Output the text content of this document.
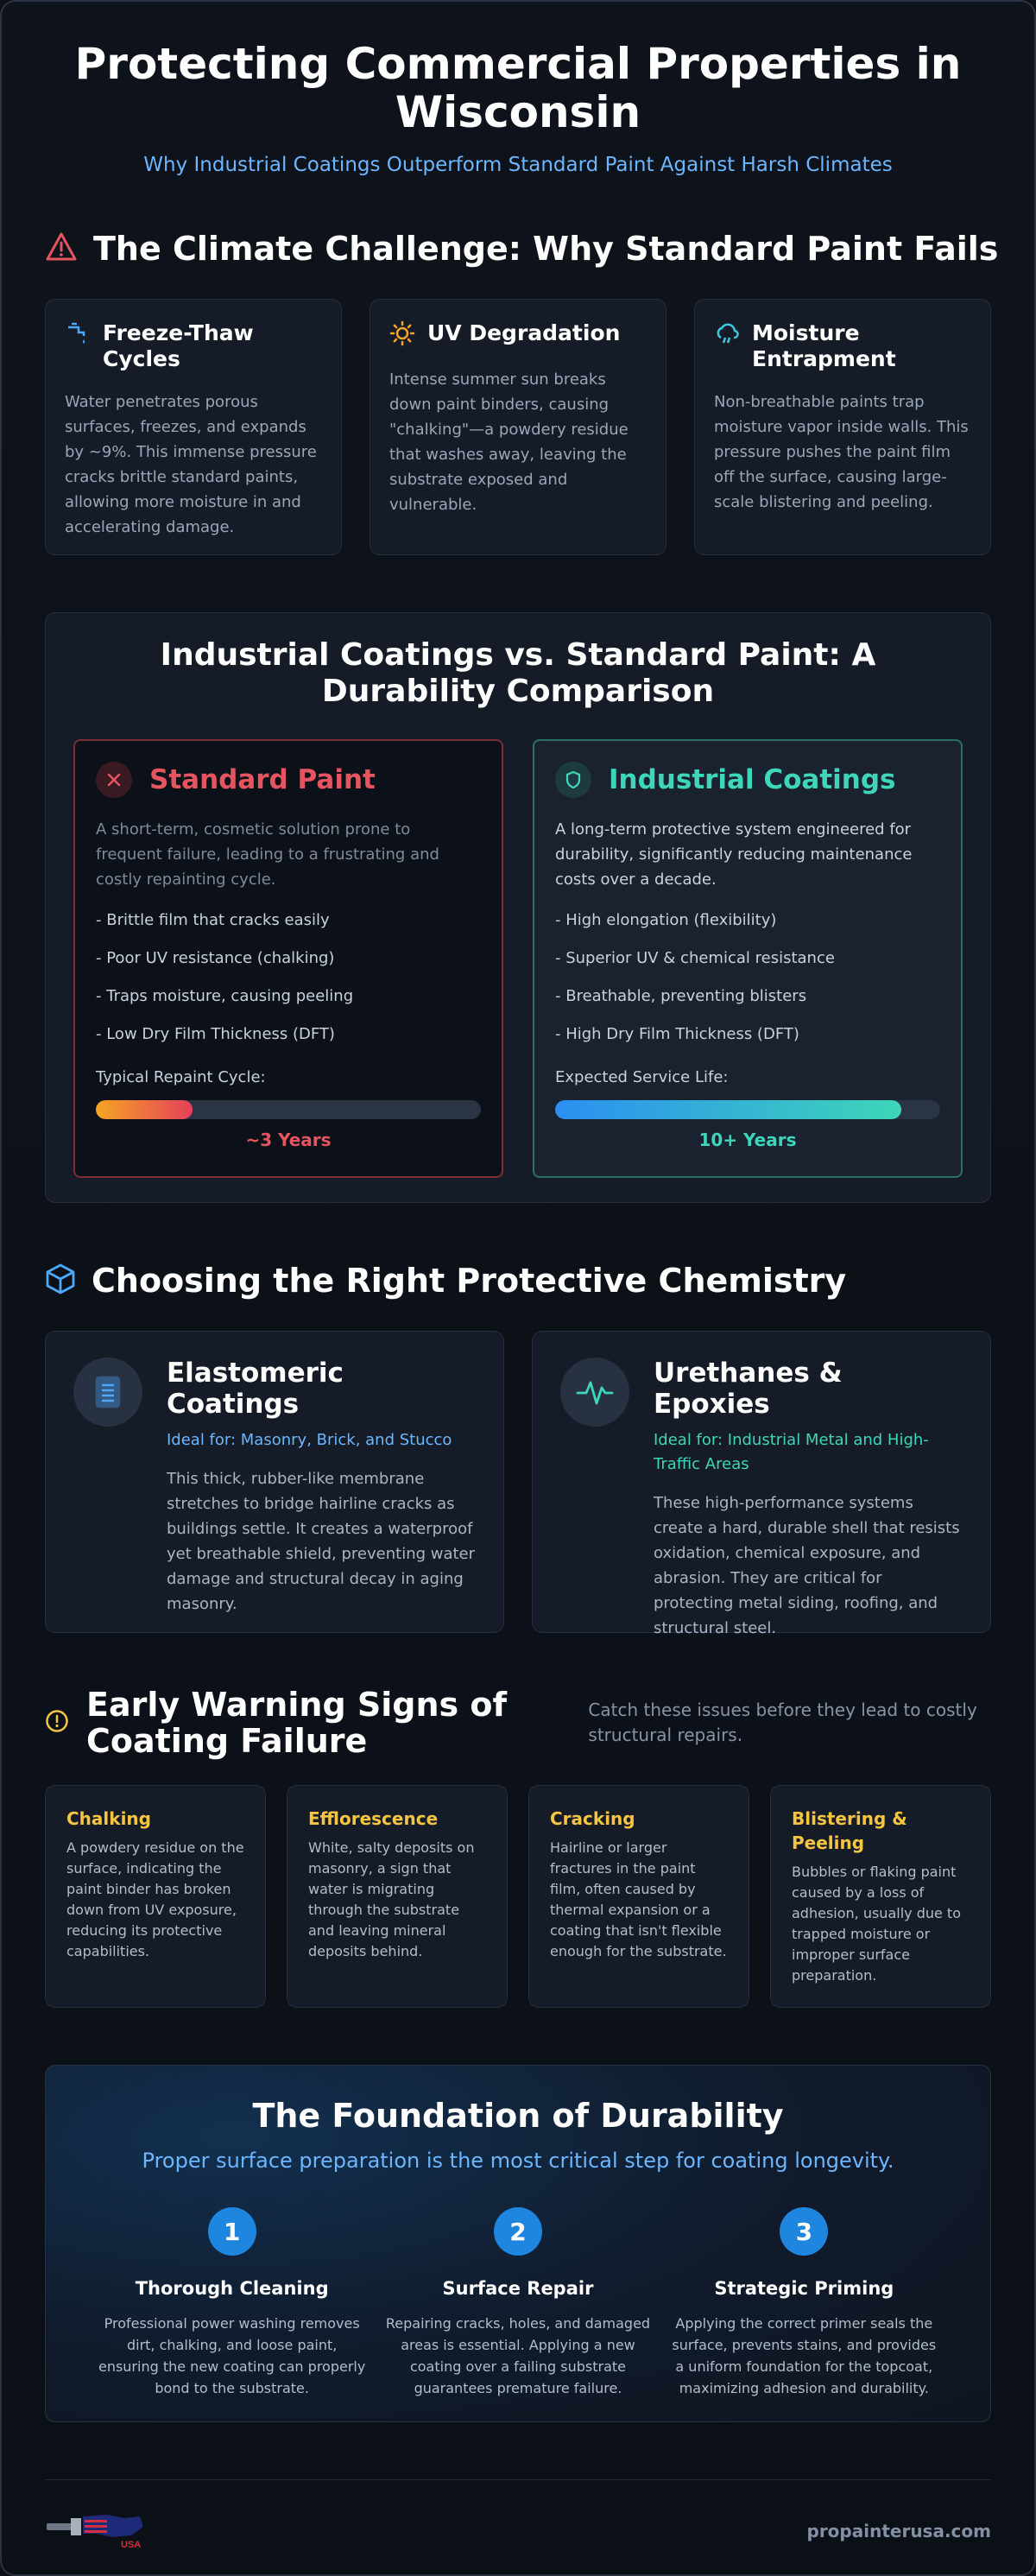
Protecting Commercial Properties in Wisconsin
Why Industrial Coatings Outperform Standard Paint Against Harsh Climates
The Climate Challenge: Why Standard Paint Fails
Freeze-Thaw Cycles

Water penetrates porous surfaces, freezes, and expands by ~9%. This immense pressure cracks brittle standard paints, allowing more moisture in and accelerating damage.

UV Degradation

Intense summer sun breaks down paint binders, causing "chalking"—a powdery residue that washes away, leaving the substrate exposed and vulnerable.

Moisture Entrapment

Non-breathable paints trap moisture vapor inside walls. This pressure pushes the paint film off the surface, causing large-scale blistering and peeling.

Industrial Coatings vs. Standard Paint: A Durability Comparison
Standard Paint

A short-term, cosmetic solution prone to frequent failure, leading to a frustrating and costly repainting cycle.

- Brittle film that cracks easily
- Poor UV resistance (chalking)
- Traps moisture, causing peeling
- Low Dry Film Thickness (DFT)
Typical Repaint Cycle:
~3 Years
Industrial Coatings

A long-term protective system engineered for durability, significantly reducing maintenance costs over a decade.

- High elongation (flexibility)
- Superior UV & chemical resistance
- Breathable, preventing blisters
- High Dry Film Thickness (DFT)
Expected Service Life:
10+ Years
Choosing the Right Protective Chemistry
Elastomeric Coatings
Ideal for: Masonry, Brick, and Stucco

This thick, rubber-like membrane stretches to bridge hairline cracks as buildings settle. It creates a waterproof yet breathable shield, preventing water damage and structural decay in aging masonry.

Urethanes & Epoxies
Ideal for: Industrial Metal and High-Traffic Areas

These high-performance systems create a hard, durable shell that resists oxidation, chemical exposure, and abrasion. They are critical for protecting metal siding, roofing, and structural steel.

Early Warning Signs of Coating Failure
Catch these issues before they lead to costly structural repairs.
Chalking

A powdery residue on the surface, indicating the paint binder has broken down from UV exposure, reducing its protective capabilities.

Efflorescence

White, salty deposits on masonry, a sign that water is migrating through the substrate and leaving mineral deposits behind.

Cracking

Hairline or larger fractures in the paint film, often caused by thermal expansion or a coating that isn't flexible enough for the substrate.

Blistering & Peeling

Bubbles or flaking paint caused by a loss of adhesion, usually due to trapped moisture or improper surface preparation.

The Foundation of Durability
Proper surface preparation is the most critical step for coating longevity.
1
Thorough Cleaning

Professional power washing removes dirt, chalking, and loose paint, ensuring the new coating can properly bond to the substrate.

2
Surface Repair

Repairing cracks, holes, and damaged areas is essential. Applying a new coating over a failing substrate guarantees premature failure.

3
Strategic Priming

Applying the correct primer seals the surface, prevents stains, and provides a uniform foundation for the topcoat, maximizing adhesion and durability.

USA
propainterusa.com
